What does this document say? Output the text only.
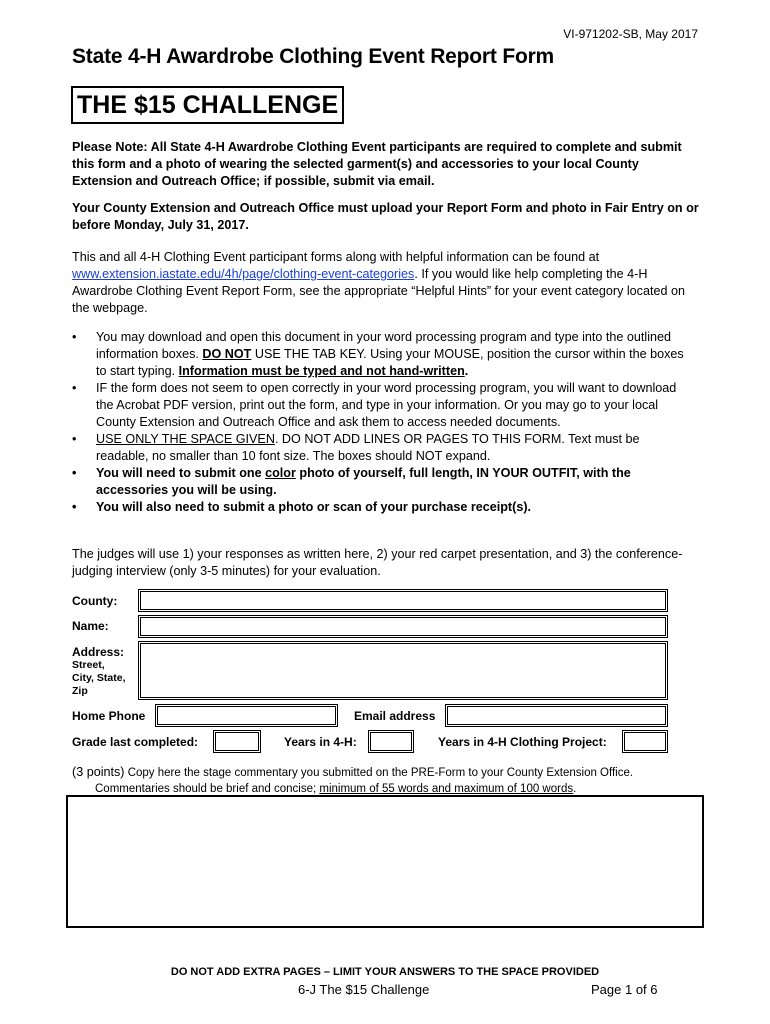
VI-971202-SB, May 2017
State 4-H Awardrobe Clothing Event Report Form
THE $15 CHALLENGE
Please Note: All State 4-H Awardrobe Clothing Event participants are required to complete and submit this form and a photo of wearing the selected garment(s) and accessories to your local County Extension and Outreach Office; if possible, submit via email.
Your County Extension and Outreach Office must upload your Report Form and photo in Fair Entry on or before Monday, July 31, 2017.
This and all 4-H Clothing Event participant forms along with helpful information can be found at www.extension.iastate.edu/4h/page/clothing-event-categories. If you would like help completing the 4-H Awardrobe Clothing Event Report Form, see the appropriate “Helpful Hints” for your event category located on the webpage.
• You may download and open this document in your word processing program and type into the outlined information boxes. DO NOT USE THE TAB KEY. Using your MOUSE, position the cursor within the boxes to start typing. Information must be typed and not hand-written.
• IF the form does not seem to open correctly in your word processing program, you will want to download the Acrobat PDF version, print out the form, and type in your information. Or you may go to your local County Extension and Outreach Office and ask them to access needed documents.
• USE ONLY THE SPACE GIVEN. DO NOT ADD LINES OR PAGES TO THIS FORM. Text must be readable, no smaller than 10 font size. The boxes should NOT expand.
• You will need to submit one color photo of yourself, full length, IN YOUR OUTFIT, with the accessories you will be using.
• You will also need to submit a photo or scan of your purchase receipt(s).
The judges will use 1) your responses as written here, 2) your red carpet presentation, and 3) the conference-judging interview (only 3-5 minutes) for your evaluation.
County:
Name:
Address:
Street,
City, State,
Zip
Home Phone	Email address
Grade last completed:	Years in 4-H:	Years in 4-H Clothing Project:
(3 points) Copy here the stage commentary you submitted on the PRE-Form to your County Extension Office.
Commentaries should be brief and concise; minimum of 55 words and maximum of 100 words.
DO NOT ADD EXTRA PAGES – LIMIT YOUR ANSWERS TO THE SPACE PROVIDED
6-J The $15 Challenge	Page 1 of 6
